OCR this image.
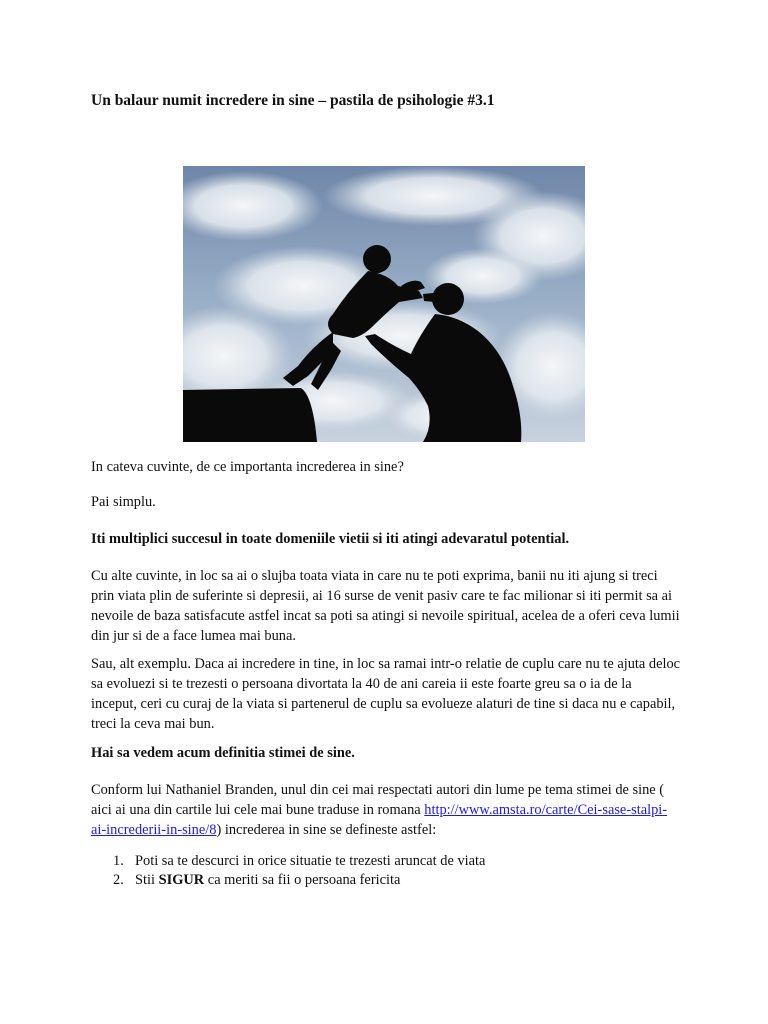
Un balaur numit incredere in sine – pastila de psihologie #3.1

In cateva cuvinte, de ce importanta increderea in sine?

Pai simplu.

Iti multiplici succesul in toate domeniile vietii si iti atingi adevaratul potential.

Cu alte cuvinte, in loc sa ai o slujba toata viata in care nu te poti exprima, banii nu iti ajung si treci prin viata plin de suferinte si depresii, ai 16 surse de venit pasiv care te fac milionar si iti permit sa ai nevoile de baza satisfacute astfel incat sa poti sa atingi si nevoile spiritual, acelea de a oferi ceva lumii din jur si de a face lumea mai buna.

Sau, alt exemplu. Daca ai incredere in tine, in loc sa ramai intr-o relatie de cuplu care nu te ajuta deloc sa evoluezi si te trezesti o persoana divortata la 40 de ani careia ii este foarte greu sa o ia de la inceput, ceri cu curaj de la viata si partenerul de cuplu sa evolueze alaturi de tine si daca nu e capabil, treci la ceva mai bun.

Hai sa vedem acum definitia stimei de sine.

Conform lui Nathaniel Branden, unul din cei mai respectati autori din lume pe tema stimei de sine ( aici ai una din cartile lui cele mai bune traduse in romana http://www.amsta.ro/carte/Cei-sase-stalpi-ai-increderii-in-sine/8) increderea in sine se defineste astfel:

1. Poti sa te descurci in orice situatie te trezesti aruncat de viata
2. Stii SIGUR ca meriti sa fii o persoana fericita
